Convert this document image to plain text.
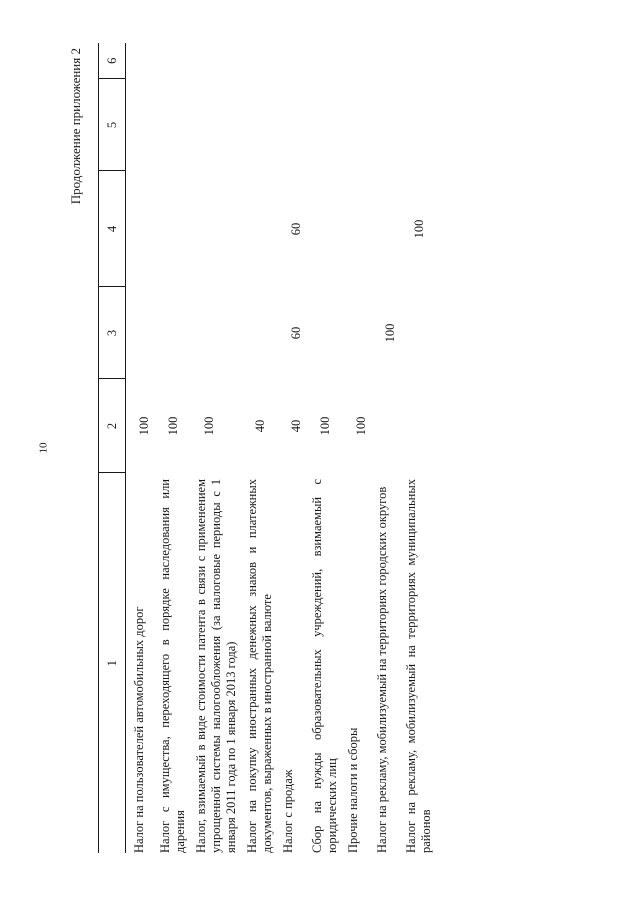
10
Продолжение приложения 2
1	2	3	4	5	6
Налог на пользователей автомобильных дорог	100				
Налог с имущества, переходящего в порядке наследования или дарения	100				
Налог, взимаемый в виде стоимости патента в связи с применением упрощенной системы налогообложения (за налоговые периоды с 1 января 2011 года по 1 января 2013 года)	100				
Налог на покупку иностранных денежных знаков и платежных документов, выраженных в иностранной валюте	40				
Налог с продаж	40	60	60		
Сбор на нужды образовательных учреждений, взимаемый с юридических лиц	100				
Прочие налоги и сборы	100				
Налог на рекламу, мобилизуемый на территориях городских округов		100			
Налог на рекламу, мобилизуемый на территориях муниципальных районов			100		
